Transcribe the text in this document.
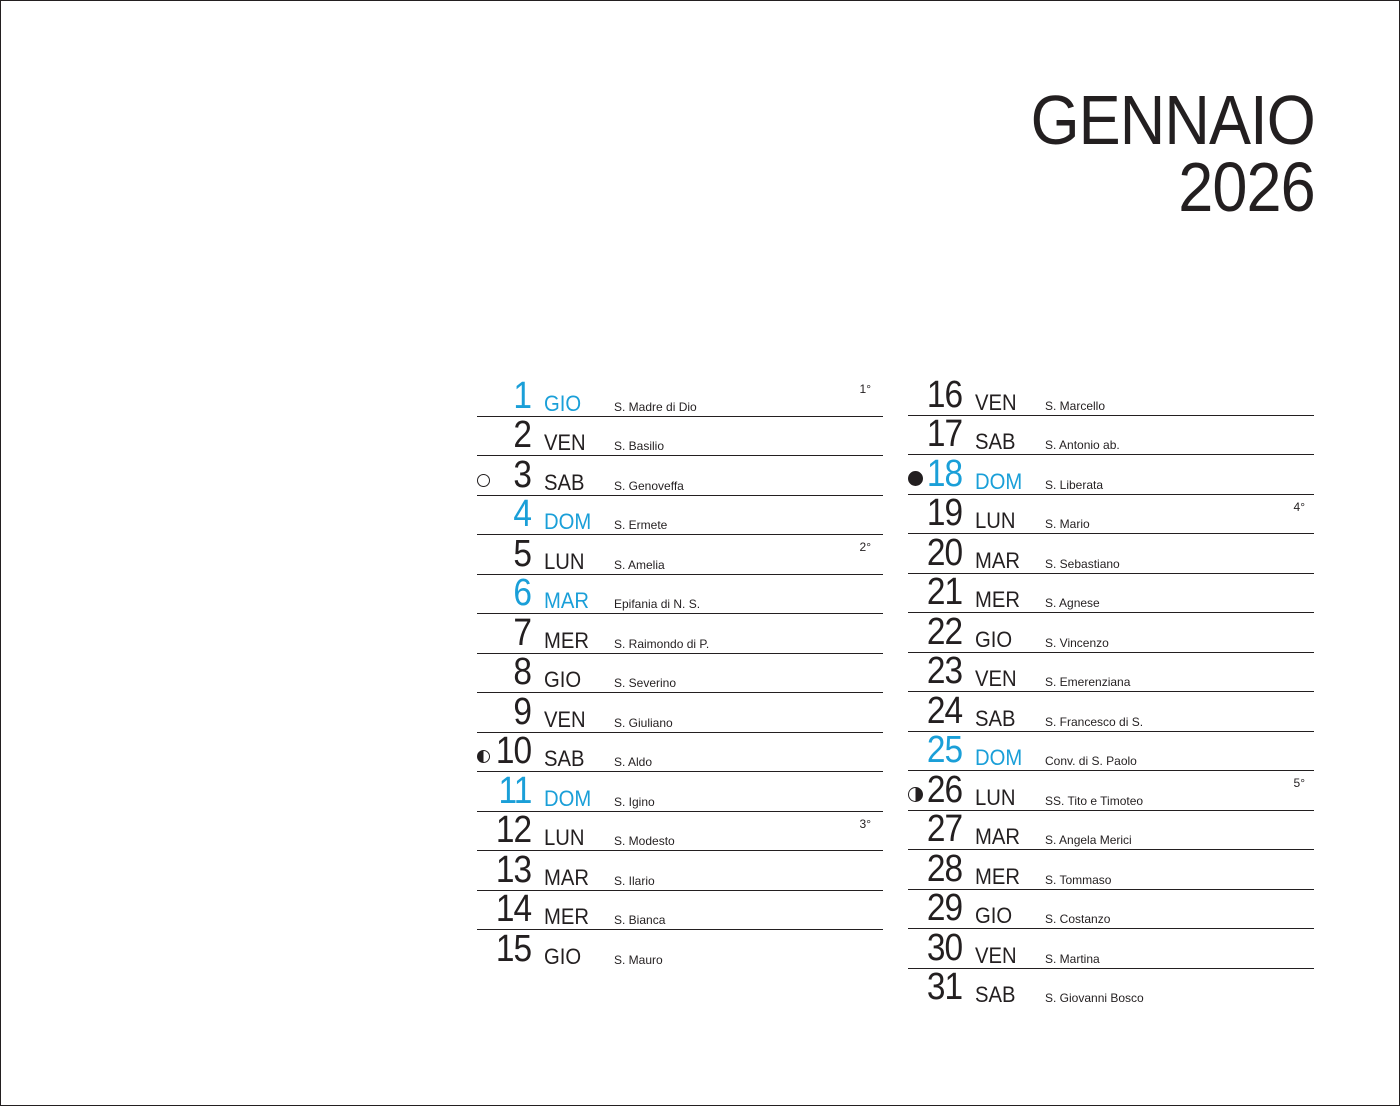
GENNAIO
2026
1 GIO	S. Madre di Dio
1°
2 VEN S. Basilio
3 SAB S. Genoveffa
4 DOM S. Ermete
5 LUN S. Amelia
2°
6 MAR Epifania di N. S.
7 MER S. Raimondo di P.
8 GIO	S. Severino
9 VEN S. Giuliano
10 SAB S. Aldo
11 DOM S. Igino
12 LUN S. Modesto
3°
13 MAR S. Ilario
14 MER S. Bianca
15 GIO	S. Mauro
16 VEN S. Marcello
17 SAB S. Antonio ab.
18 DOM S. Liberata
19 LUN S. Mario
4°
20 MAR S. Sebastiano
21 MER S. Agnese
22 GIO	S. Vincenzo
23 VEN S. Emerenziana
24 SAB S. Francesco di S.
25 DOM Conv. di S. Paolo
26 LUN SS. Tito e Timoteo
5°
27 MAR S. Angela Merici
28 MER S. Tommaso
29 GIO	S. Costanzo
30 VEN S. Martina
31 SAB S. Giovanni Bosco
